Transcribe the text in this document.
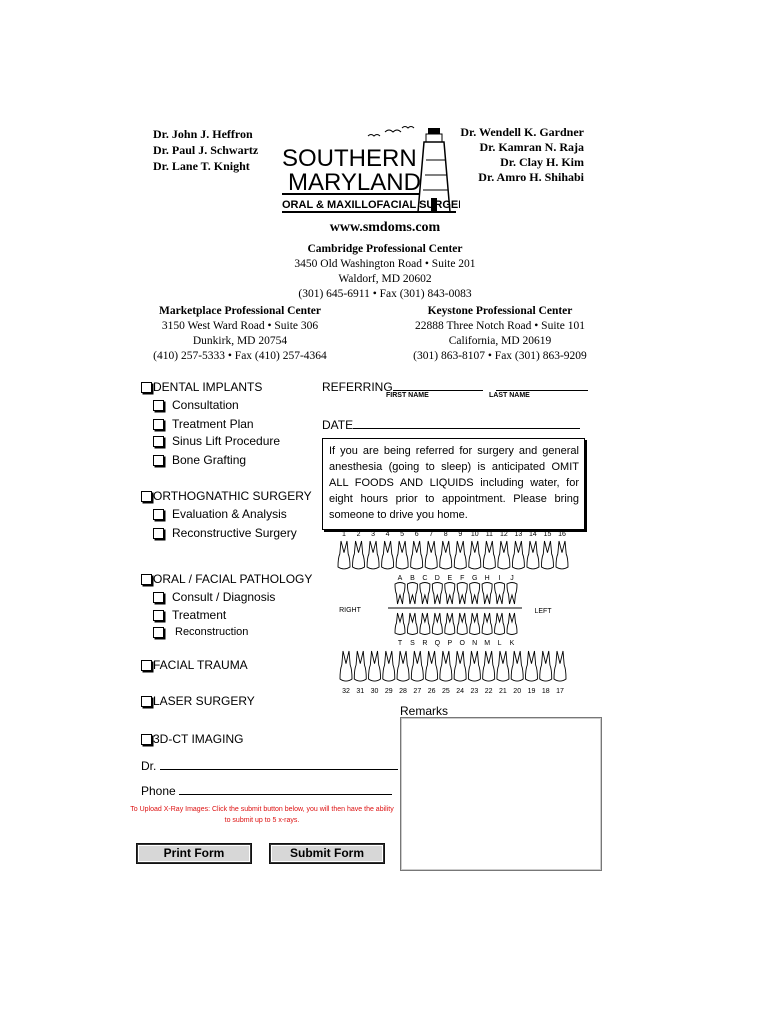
Dr. John J. Heffron
Dr. Paul J. Schwartz
Dr. Lane T. Knight
Dr. Wendell K. Gardner
Dr. Kamran N. Raja
Dr. Clay H. Kim
Dr. Amro H. Shihabi
SOUTHERN
MARYLAND
ORAL & MAXILLOFACIAL SURGERY
www.smdoms.com
Cambridge Professional Center
3450 Old Washington Road • Suite 201
Waldorf, MD 20602
(301) 645-6911 • Fax (301) 843-0083
Marketplace Professional Center
3150 West Ward Road • Suite 306
Dunkirk, MD 20754
(410) 257-5333 • Fax (410) 257-4364
Keystone Professional Center
22888 Three Notch Road • Suite 101
California, MD 20619
(301) 863-8107 • Fax (301) 863-9209
DENTAL IMPLANTS
Consultation
Treatment Plan
Sinus Lift Procedure
Bone Grafting
ORTHOGNATHIC SURGERY
Evaluation & Analysis
Reconstructive Surgery
ORAL / FACIAL PATHOLOGY
Consult / Diagnosis
Treatment
Reconstruction
FACIAL TRAUMA
LASER SURGERY
3D-CT IMAGING
Dr.
Phone
To Upload X-Ray Images: Click the submit button below, you will then have the ability to submit up to 5 x-rays.
Print Form	Submit Form
REFERRING
FIRST NAME	LAST NAME
DATE
If you are being referred for surgery and general anesthesia (going to sleep) is anticipated OMIT ALL FOODS AND LIQUIDS including water, for eight hours prior to appointment. Please bring someone to drive you home.
1 2 3 4 5 6 7 8 9 10 11 12 13 14 15 16
A B C D E F G H I J
RIGHT	LEFT
T S R Q P O N M L K
32 31 30 29 28 27 26 25 24 23 22 21 20 19 18 17
Remarks
